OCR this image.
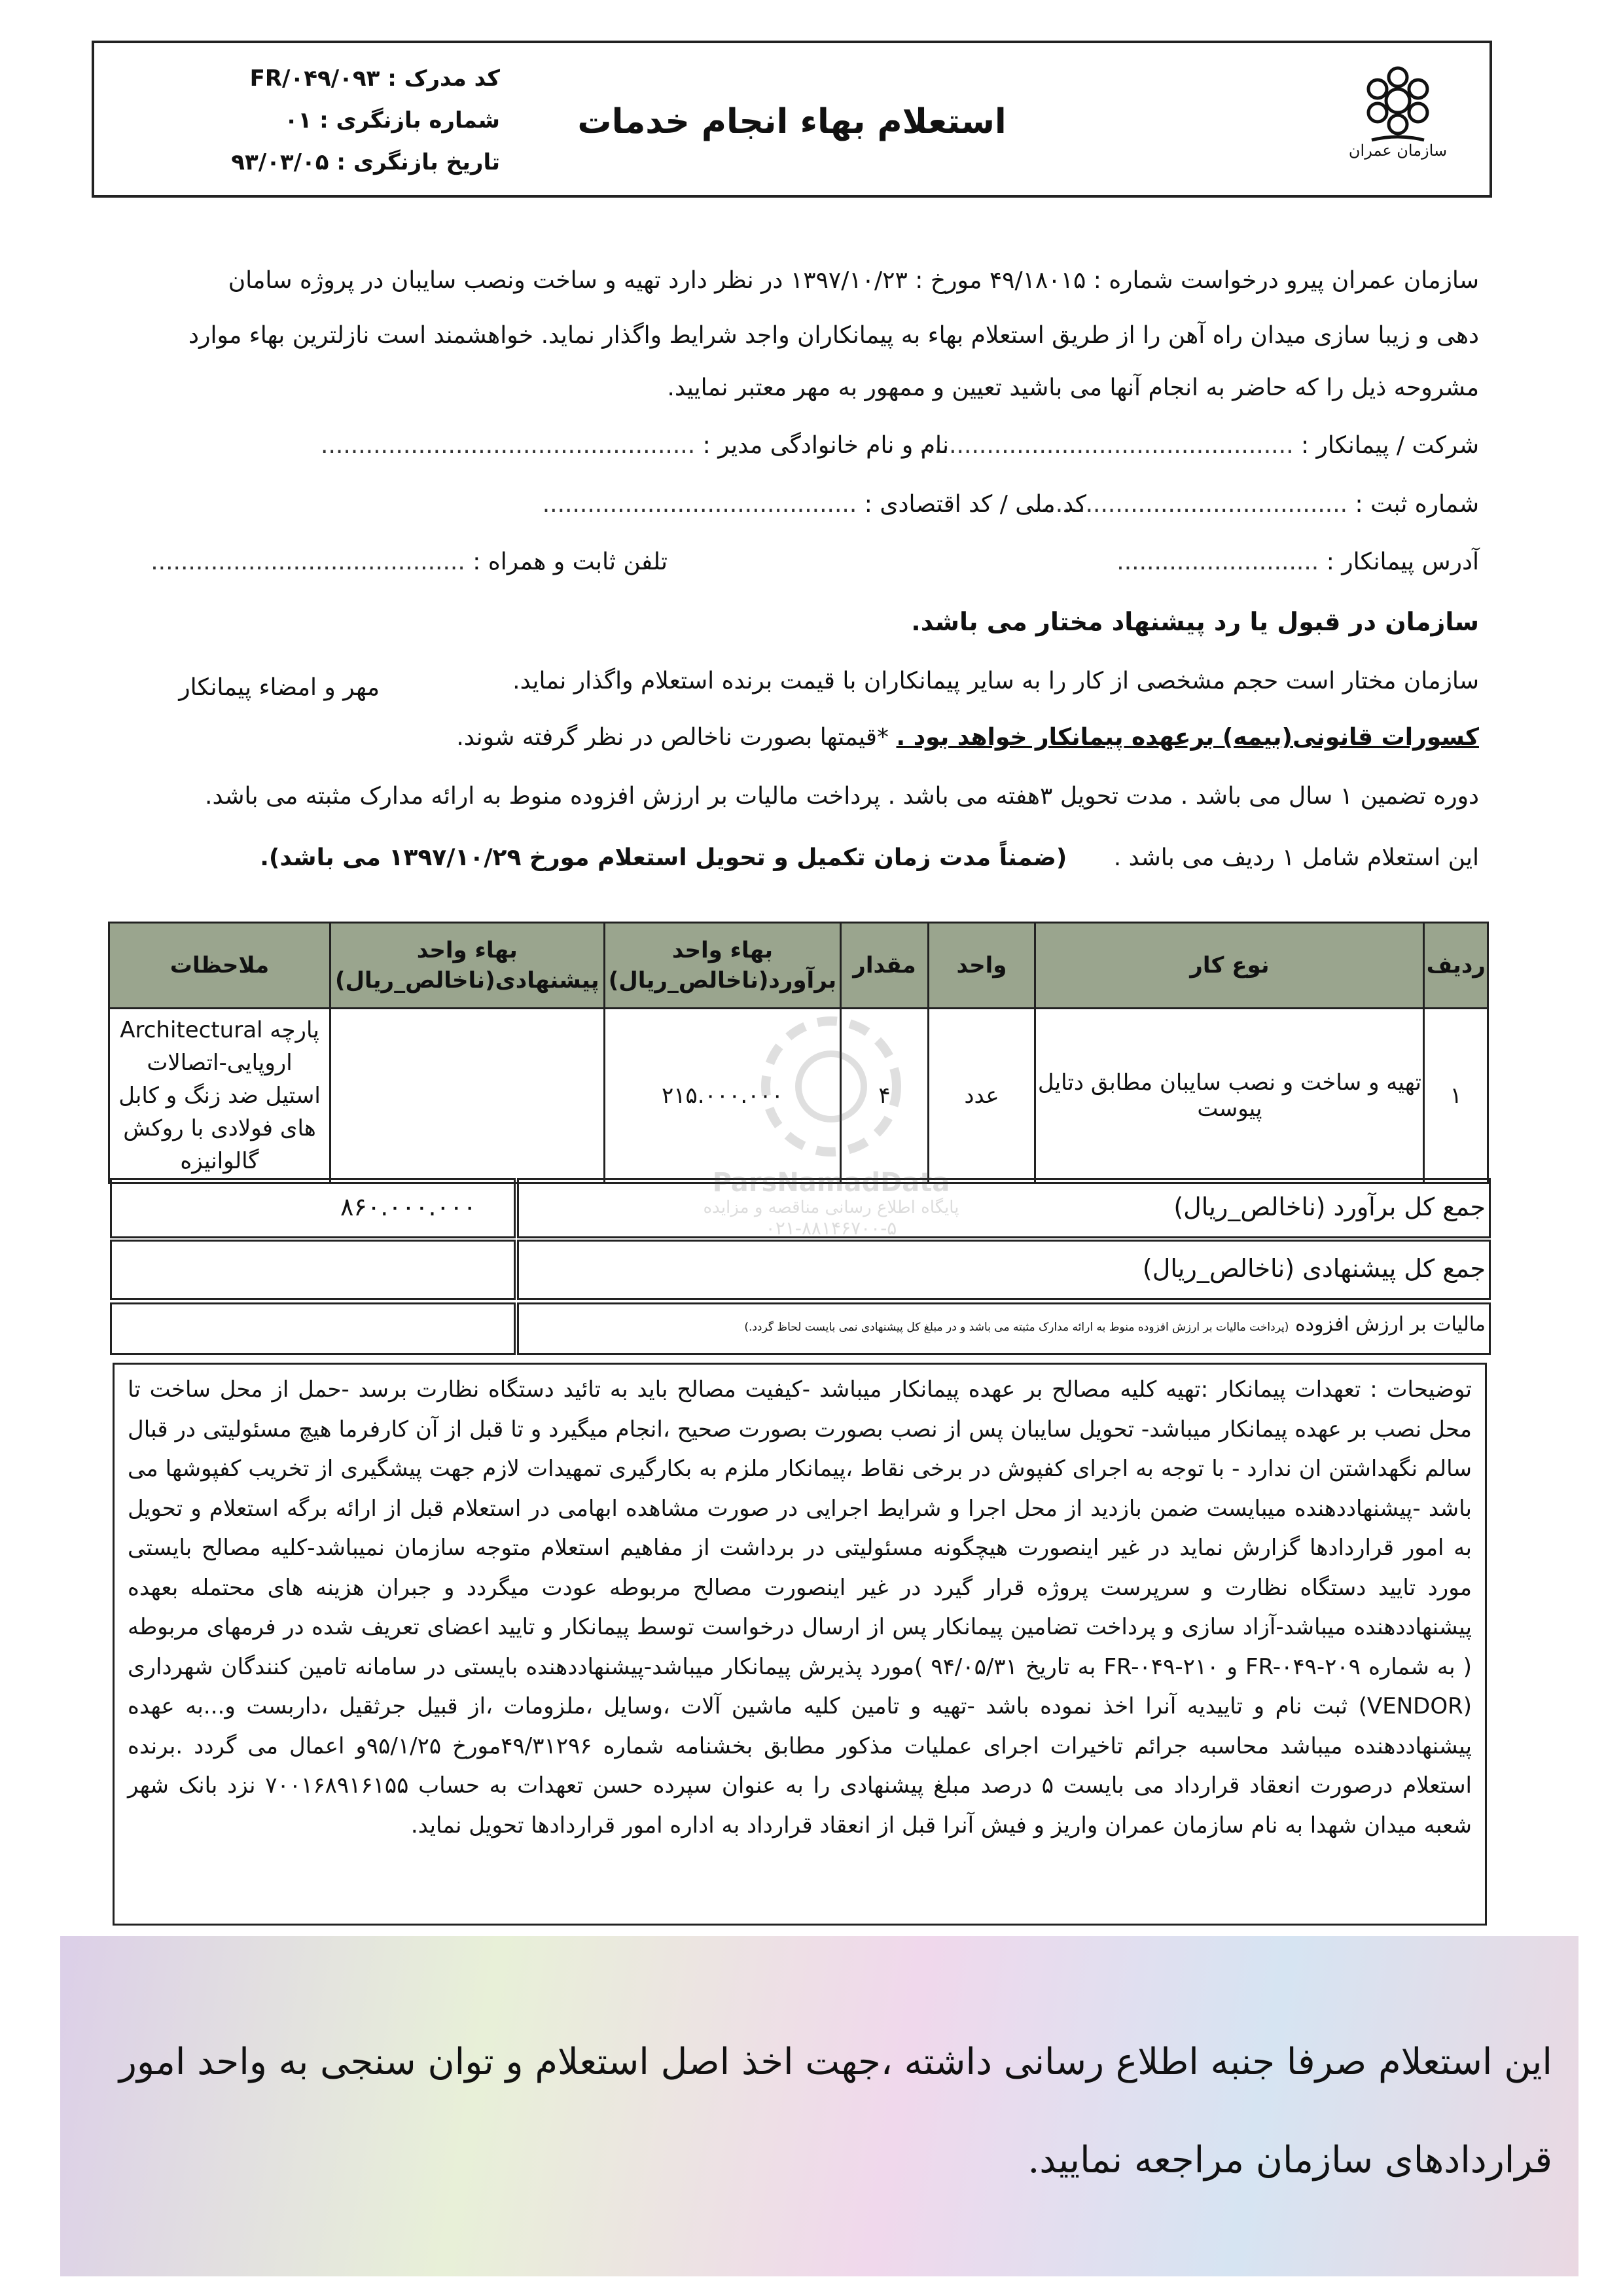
سازمان عمران
استعلام بهاء انجام خدمات
کد مدرک : FR/۰۴۹/۰۹۳
شماره بازنگری : ۰۱
تاریخ بازنگری : ۹۳/۰۳/۰۵
سازمان عمران پیرو درخواست شماره : ۴۹/۱۸۰۱۵ مورخ : ۱۳۹۷/۱۰/۲۳ در نظر دارد تهیه و ساخت ونصب سایبان در پروژه سامان
دهی و زیبا سازی میدان راه آهن را از طریق استعلام بهاء به پیمانکاران واجد شرایط واگذار نماید. خواهشمند است نازلترین بهاء موارد
مشروحه ذیل را که حاضر به انجام آنها می باشید تعیین و ممهور به مهر معتبر نمایید.
شرکت / پیمانکار : ..................................................
نام و نام خانوادگی مدیر : ..................................................
شماره ثبت : ..........................................
کد ملی / کد اقتصادی : ..........................................
آدرس پیمانکار : ...........................
تلفن ثابت و همراه : ..........................................
سازمان در قبول یا رد پیشنهاد مختار می باشد.
سازمان مختار است حجم مشخصی از کار را به سایر پیمانکاران با قیمت برنده استعلام واگذار نماید.
مهر و امضاء پیمانکار
کسورات قانونی(بیمه) برعهده پیمانکار خواهد بود . *قیمتها بصورت ناخالص در نظر گرفته شوند.
دوره تضمین ۱ سال می باشد . مدت تحویل ۳هفته می باشد . پرداخت مالیات بر ارزش افزوده منوط به ارائه مدارک مثبته می باشد.
این استعلام شامل ۱ ردیف می باشد . (ضمناً مدت زمان تکمیل و تحویل استعلام مورخ ۱۳۹۷/۱۰/۲۹ می باشد).
ردیف	نوع کار	واحد	مقدار	بهاء واحد برآورد(ناخالص_ریال)	بهاء واحد پیشنهادی(ناخالص_ریال)	ملاحظات
۱	تهیه و ساخت و نصب سایبان مطابق دتایل پیوست	عدد	۴	۲۱۵.۰۰۰.۰۰۰		پارچه Architectural اروپایی-اتصالات استیل ضد زنگ و کابل های فولادی با روکش گالوانیزه
جمع کل برآورد (ناخالص_ریال)
۸۶۰.۰۰۰.۰۰۰
جمع کل پیشنهادی (ناخالص_ریال)
مالیات بر ارزش افزوده (پرداخت مالیات بر ارزش افزوده منوط به ارائه مدارک مثبته می باشد و در مبلغ کل پیشنهادی نمی بایست لحاظ گردد.)
ParsNamadData
پایگاه اطلاع رسانی مناقصه و مزایده
۰۲۱-۸۸۱۴۶۷۰۰-۵
توضیحات : تعهدات پیمانکار :تهیه کلیه مصالح بر عهده پیمانکار میباشد -کیفیت مصالح باید به تائید دستگاه نظارت برسد -حمل از محل ساخت تا محل نصب بر عهده پیمانکار میباشد- تحویل سایبان پس از نصب بصورت بصورت صحیح ،انجام میگیرد و تا قبل از آن کارفرما هیچ مسئولیتی در قبال سالم نگهداشتن ان ندارد - با توجه به اجرای کفپوش در برخی نقاط ،پیمانکار ملزم به بکارگیری تمهیدات لازم جهت پیشگیری از تخریب کفپوشها می باشد -پیشنهاددهنده میبایست ضمن بازدید از محل اجرا و شرایط اجرایی در صورت مشاهده ابهامی در استعلام قبل از ارائه برگه استعلام و تحویل به امور قراردادها گزارش نماید در غیر اینصورت هیچگونه مسئولیتی در برداشت از مفاهیم استعلام متوجه سازمان نمیباشد-کلیه مصالح بایستی مورد تایید دستگاه نظارت و سرپرست پروژه قرار گیرد در غیر اینصورت مصالح مربوطه عودت میگردد و جبران هزینه های محتمله بعهده پیشنهاددهنده میباشد-آزاد سازی و پرداخت تضامین پیمانکار پس از ارسال درخواست توسط پیمانکار و تایید اعضای تعریف شده در فرمهای مربوطه ( به شماره FR-۰۴۹-۲۰۹ و FR-۰۴۹-۲۱۰ به تاریخ ۹۴/۰۵/۳۱ )مورد پذیرش پیمانکار میباشد-پیشنهاددهنده بایستی در سامانه تامین کنندگان شهرداری (VENDOR) ثبت نام و تاییدیه آنرا اخذ نموده باشد -تهیه و تامین کلیه ماشین آلات ،وسایل ،ملزومات ،از قبیل جرثقیل ،داربست و...به عهده پیشنهاددهنده میباشد محاسبه جرائم تاخیرات اجرای عملیات مذکور مطابق بخشنامه شماره ۴۹/۳۱۲۹۶مورخ ۹۵/۱/۲۵و اعمال می گردد .برنده استعلام درصورت انعقاد قرارداد می بایست ۵ درصد مبلغ پیشنهادی را به عنوان سپرده حسن تعهدات به حساب ۷۰۰۱۶۸۹۱۶۱۵۵ نزد بانک شهر شعبه میدان شهدا به نام سازمان عمران واریز و فیش آنرا قبل از انعقاد قرارداد به اداره امور قراردادها تحویل نماید.
این استعلام صرفا جنبه اطلاع رسانی داشته ،جهت اخذ اصل استعلام و توان سنجی به واحد امور
قراردادهای سازمان مراجعه نمایید.
